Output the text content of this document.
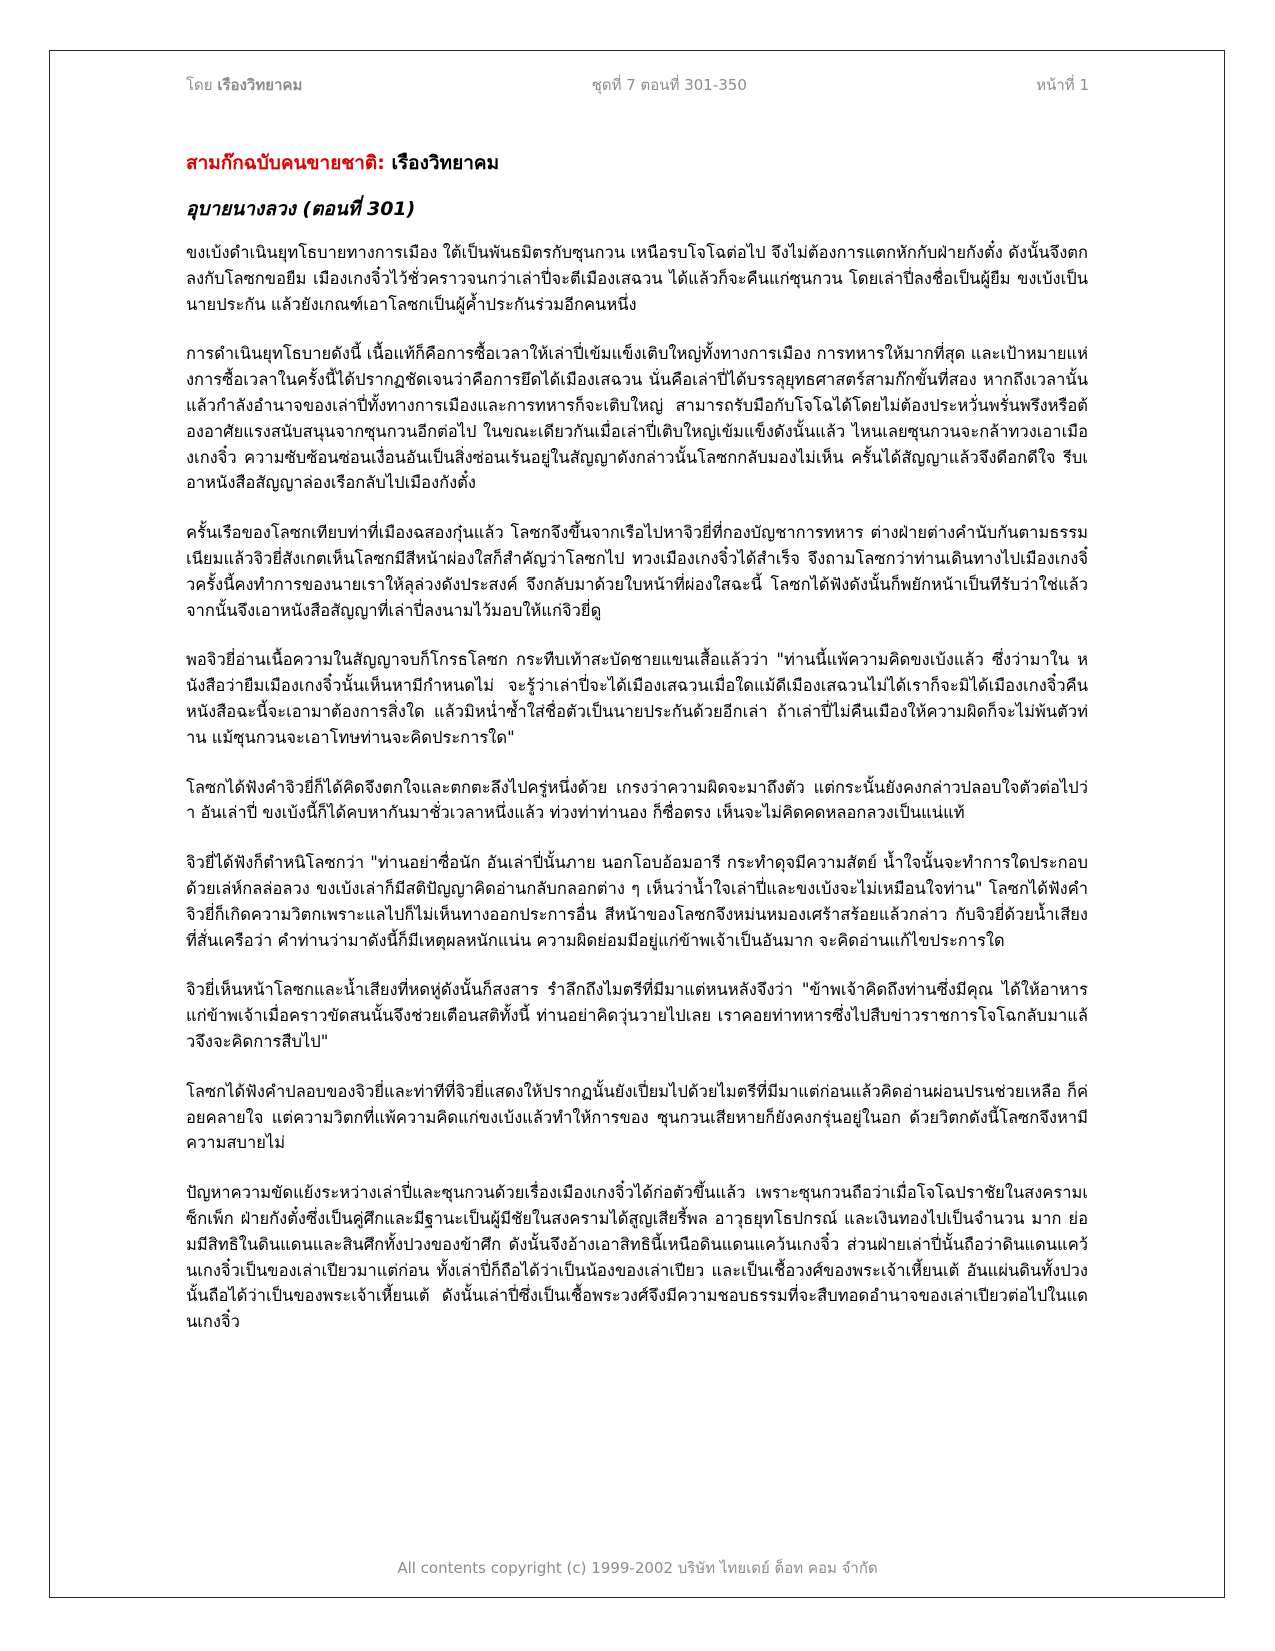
โดย เรืองวิทยาคม	ชุดที่ 7 ตอนที่ 301-350	หน้าที่ 1
สามก๊กฉบับคนขายชาติ: เรืองวิทยาคม
อุบายนางลวง (ตอนที่ 301)

ขงเบ้งดำเนินยุทโธบายทางการเมือง ใต้เป็นพันธมิตรกับซุนกวน เหนือรบโจโฉต่อไป จึงไม่ต้องการแตกหักกับฝ่ายกังตั๋ง ดังนั้นจึงตกลงกับโลซกขอยืม เมืองเกงจิ๋วไว้ชั่วคราวจนกว่าเล่าปี่จะตีเมืองเสฉวน ได้แล้วก็จะคืนแก่ซุนกวน โดยเล่าปี่ลงชื่อเป็นผู้ยืม ขงเบ้งเป็นนายประกัน แล้วยังเกณฑ์เอาโลซกเป็นผู้ค้ำประกันร่วมอีกคนหนึ่ง

การดำเนินยุทโธบายดังนี้ เนื้อแท้ก็คือการซื้อเวลาให้เล่าปี่เข้มแข็งเติบใหญ่ทั้งทางการเมือง การทหารให้มากที่สุด และเป้าหมายแห่งการซื้อเวลาในครั้งนี้ได้ปรากฏชัดเจนว่าคือการยึดได้เมืองเสฉวน นั่นคือเล่าปี่ได้บรรลุยุทธศาสตร์สามก๊กขั้นที่สอง หากถึงเวลานั้นแล้วกำลังอำนาจของเล่าปี่ทั้งทางการเมืองและการทหารก็จะเติบใหญ่ สามารถรับมือกับโจโฉได้โดยไม่ต้องประหวั่นพรั่นพรึงหรือต้องอาศัยแรงสนับสนุนจากซุนกวนอีกต่อไป ในขณะเดียวกันเมื่อเล่าปี่เติบใหญ่เข้มแข็งดังนั้นแล้ว ไหนเลยซุนกวนจะกล้าทวงเอาเมืองเกงจิ๋ว ความซับซ้อนซ่อนเงื่อนอันเป็นสิ่งซ่อนเร้นอยู่ในสัญญาดังกล่าวนั้นโลซกกลับมองไม่เห็น ครั้นได้สัญญาแล้วจึงดีอกดีใจ รีบเอาหนังสือสัญญาล่องเรือกลับไปเมืองกังตั๋ง

ครั้นเรือของโลซกเทียบท่าที่เมืองฉสองกุ๋นแล้ว โลซกจึงขึ้นจากเรือไปหาจิวยี่ที่กองบัญชาการทหาร ต่างฝ่ายต่างคำนับกันตามธรรมเนียมแล้วจิวยี่สังเกตเห็นโลซกมีสีหน้าผ่องใสก็สำคัญว่าโลซกไป ทวงเมืองเกงจิ๋วได้สำเร็จ จึงถามโลซกว่าท่านเดินทางไปเมืองเกงจิ๋วครั้งนี้คงทำการของนายเราให้ลุล่วงดังประสงค์ จึงกลับมาด้วยใบหน้าที่ผ่องใสฉะนี้ โลซกได้ฟังดังนั้นก็พยักหน้าเป็นทีรับว่าใช่แล้ว จากนั้นจึงเอาหนังสือสัญญาที่เล่าปี่ลงนามไว้มอบให้แก่จิวยี่ดู

พอจิวยี่อ่านเนื้อความในสัญญาจบก็โกรธโลซก กระทืบเท้าสะบัดชายแขนเสื้อแล้วว่า "ท่านนี้แพ้ความคิดขงเบ้งแล้ว ซึ่งว่ามาใน หนังสือว่ายืมเมืองเกงจิ๋วนั้นเห็นหามีกำหนดไม่ จะรู้ว่าเล่าปี่จะได้เมืองเสฉวนเมื่อใดแม้ดีเมืองเสฉวนไม่ได้เราก็จะมิได้เมืองเกงจิ๋วคืน หนังสือฉะนี้จะเอามาต้องการสิ่งใด แล้วมิหน่ำซ้ำใส่ชื่อตัวเป็นนายประกันด้วยอีกเล่า ถ้าเล่าปี่ไม่คืนเมืองให้ความผิดก็จะไม่พ้นตัวท่าน แม้ซุนกวนจะเอาโทษท่านจะคิดประการใด"

โลซกได้ฟังคำจิวยี่ก็ได้คิดจึงตกใจและตกตะลึงไปครู่หนึ่งด้วย เกรงว่าความผิดจะมาถึงตัว แต่กระนั้นยังคงกล่าวปลอบใจตัวต่อไปว่า อันเล่าปี่ ขงเบ้งนี้ก็ได้คบหากันมาชั่วเวลาหนึ่งแล้ว ท่วงท่าท่านอง ก็ซื่อตรง เห็นจะไม่คิดคดหลอกลวงเป็นแน่แท้

จิวยี่ได้ฟังก็ตำหนิโลซกว่า "ท่านอย่าซื่อนัก อันเล่าปี่นั้นภาย นอกโอบอ้อมอารี กระทำดุจมีความสัตย์ น้ำใจนั้นจะทำการใดประกอบด้วยเล่ห์กลล่อลวง ขงเบ้งเล่าก็มีสติปัญญาคิดอ่านกลับกลอกต่าง ๆ เห็นว่าน้ำใจเล่าปี่และขงเบ้งจะไม่เหมือนใจท่าน" โลซกได้ฟังคำจิวยี่ก็เกิดความวิตกเพราะแลไปก็ไม่เห็นทางออกประการอื่น สีหน้าของโลซกจึงหม่นหมองเศร้าสร้อยแล้วกล่าว กับจิวยี่ด้วยน้ำเสียงที่สั่นเครือว่า คำท่านว่ามาดังนี้ก็มีเหตุผลหนักแน่น ความผิดย่อมมีอยู่แก่ข้าพเจ้าเป็นอันมาก จะคิดอ่านแก้ไขประการใด

จิวยี่เห็นหน้าโลซกและน้ำเสียงที่หดหู่ดังนั้นก็สงสาร รำลึกถึงไมตรีที่มีมาแต่หนหลังจึงว่า "ข้าพเจ้าคิดถึงท่านซึ่งมีคุณ ได้ให้อาหารแก่ข้าพเจ้าเมื่อคราวขัดสนนั้นจึงช่วยเตือนสติทั้งนี้ ท่านอย่าคิดวุ่นวายไปเลย เราคอยท่าทหารซึ่งไปสืบข่าวราชการโจโฉกลับมาแล้วจึงจะคิดการสืบไป"

โลซกได้ฟังคำปลอบของจิวยี่และท่าทีที่จิวยี่แสดงให้ปรากฏนั้นยังเปี่ยมไปด้วยไมตรีที่มีมาแต่ก่อนแล้วคิดอ่านผ่อนปรนช่วยเหลือ ก็ค่อยคลายใจ แต่ความวิตกที่แพ้ความคิดแก่ขงเบ้งแล้วทำให้การของ ซุนกวนเสียหายก็ยังคงกรุ่นอยู่ในอก ด้วยวิตกดังนี้โลซกจึงหามีความสบายไม่

ปัญหาความขัดแย้งระหว่างเล่าปี่และซุนกวนด้วยเรื่องเมืองเกงจิ๋วได้ก่อตัวขึ้นแล้ว เพราะซุนกวนถือว่าเมื่อโจโฉปราชัยในสงครามเซ็กเพ็ก ฝ่ายกังตั๋งซึ่งเป็นคู่ศึกและมีฐานะเป็นผู้มีชัยในสงครามได้สูญเสียรี้พล อาวุธยุทโธปกรณ์ และเงินทองไปเป็นจำนวน มาก ย่อมมีสิทธิในดินแดนและสินศึกทั้งปวงของข้าศึก ดังนั้นจึงอ้างเอาสิทธินี้เหนือดินแดนแคว้นเกงจิ๋ว ส่วนฝ่ายเล่าปี่นั้นถือว่าดินแดนแคว้นเกงจิ๋วเป็นของเล่าเปียวมาแต่ก่อน ทั้งเล่าปี่ก็ถือได้ว่าเป็นน้องของเล่าเปียว และเป็นเชื้อวงศ์ของพระเจ้าเหี้ยนเต้ อันแผ่นดินทั้งปวงนั้นถือได้ว่าเป็นของพระเจ้าเหี้ยนเต้ ดังนั้นเล่าปี่ซึ่งเป็นเชื้อพระวงศ์จึงมีความชอบธรรมที่จะสืบทอดอำนาจของเล่าเปียวต่อไปในแดนเกงจิ๋ว

All contents copyright (c) 1999-2002 บริษัท ไทยเดย์ ด็อท คอม จำกัด
